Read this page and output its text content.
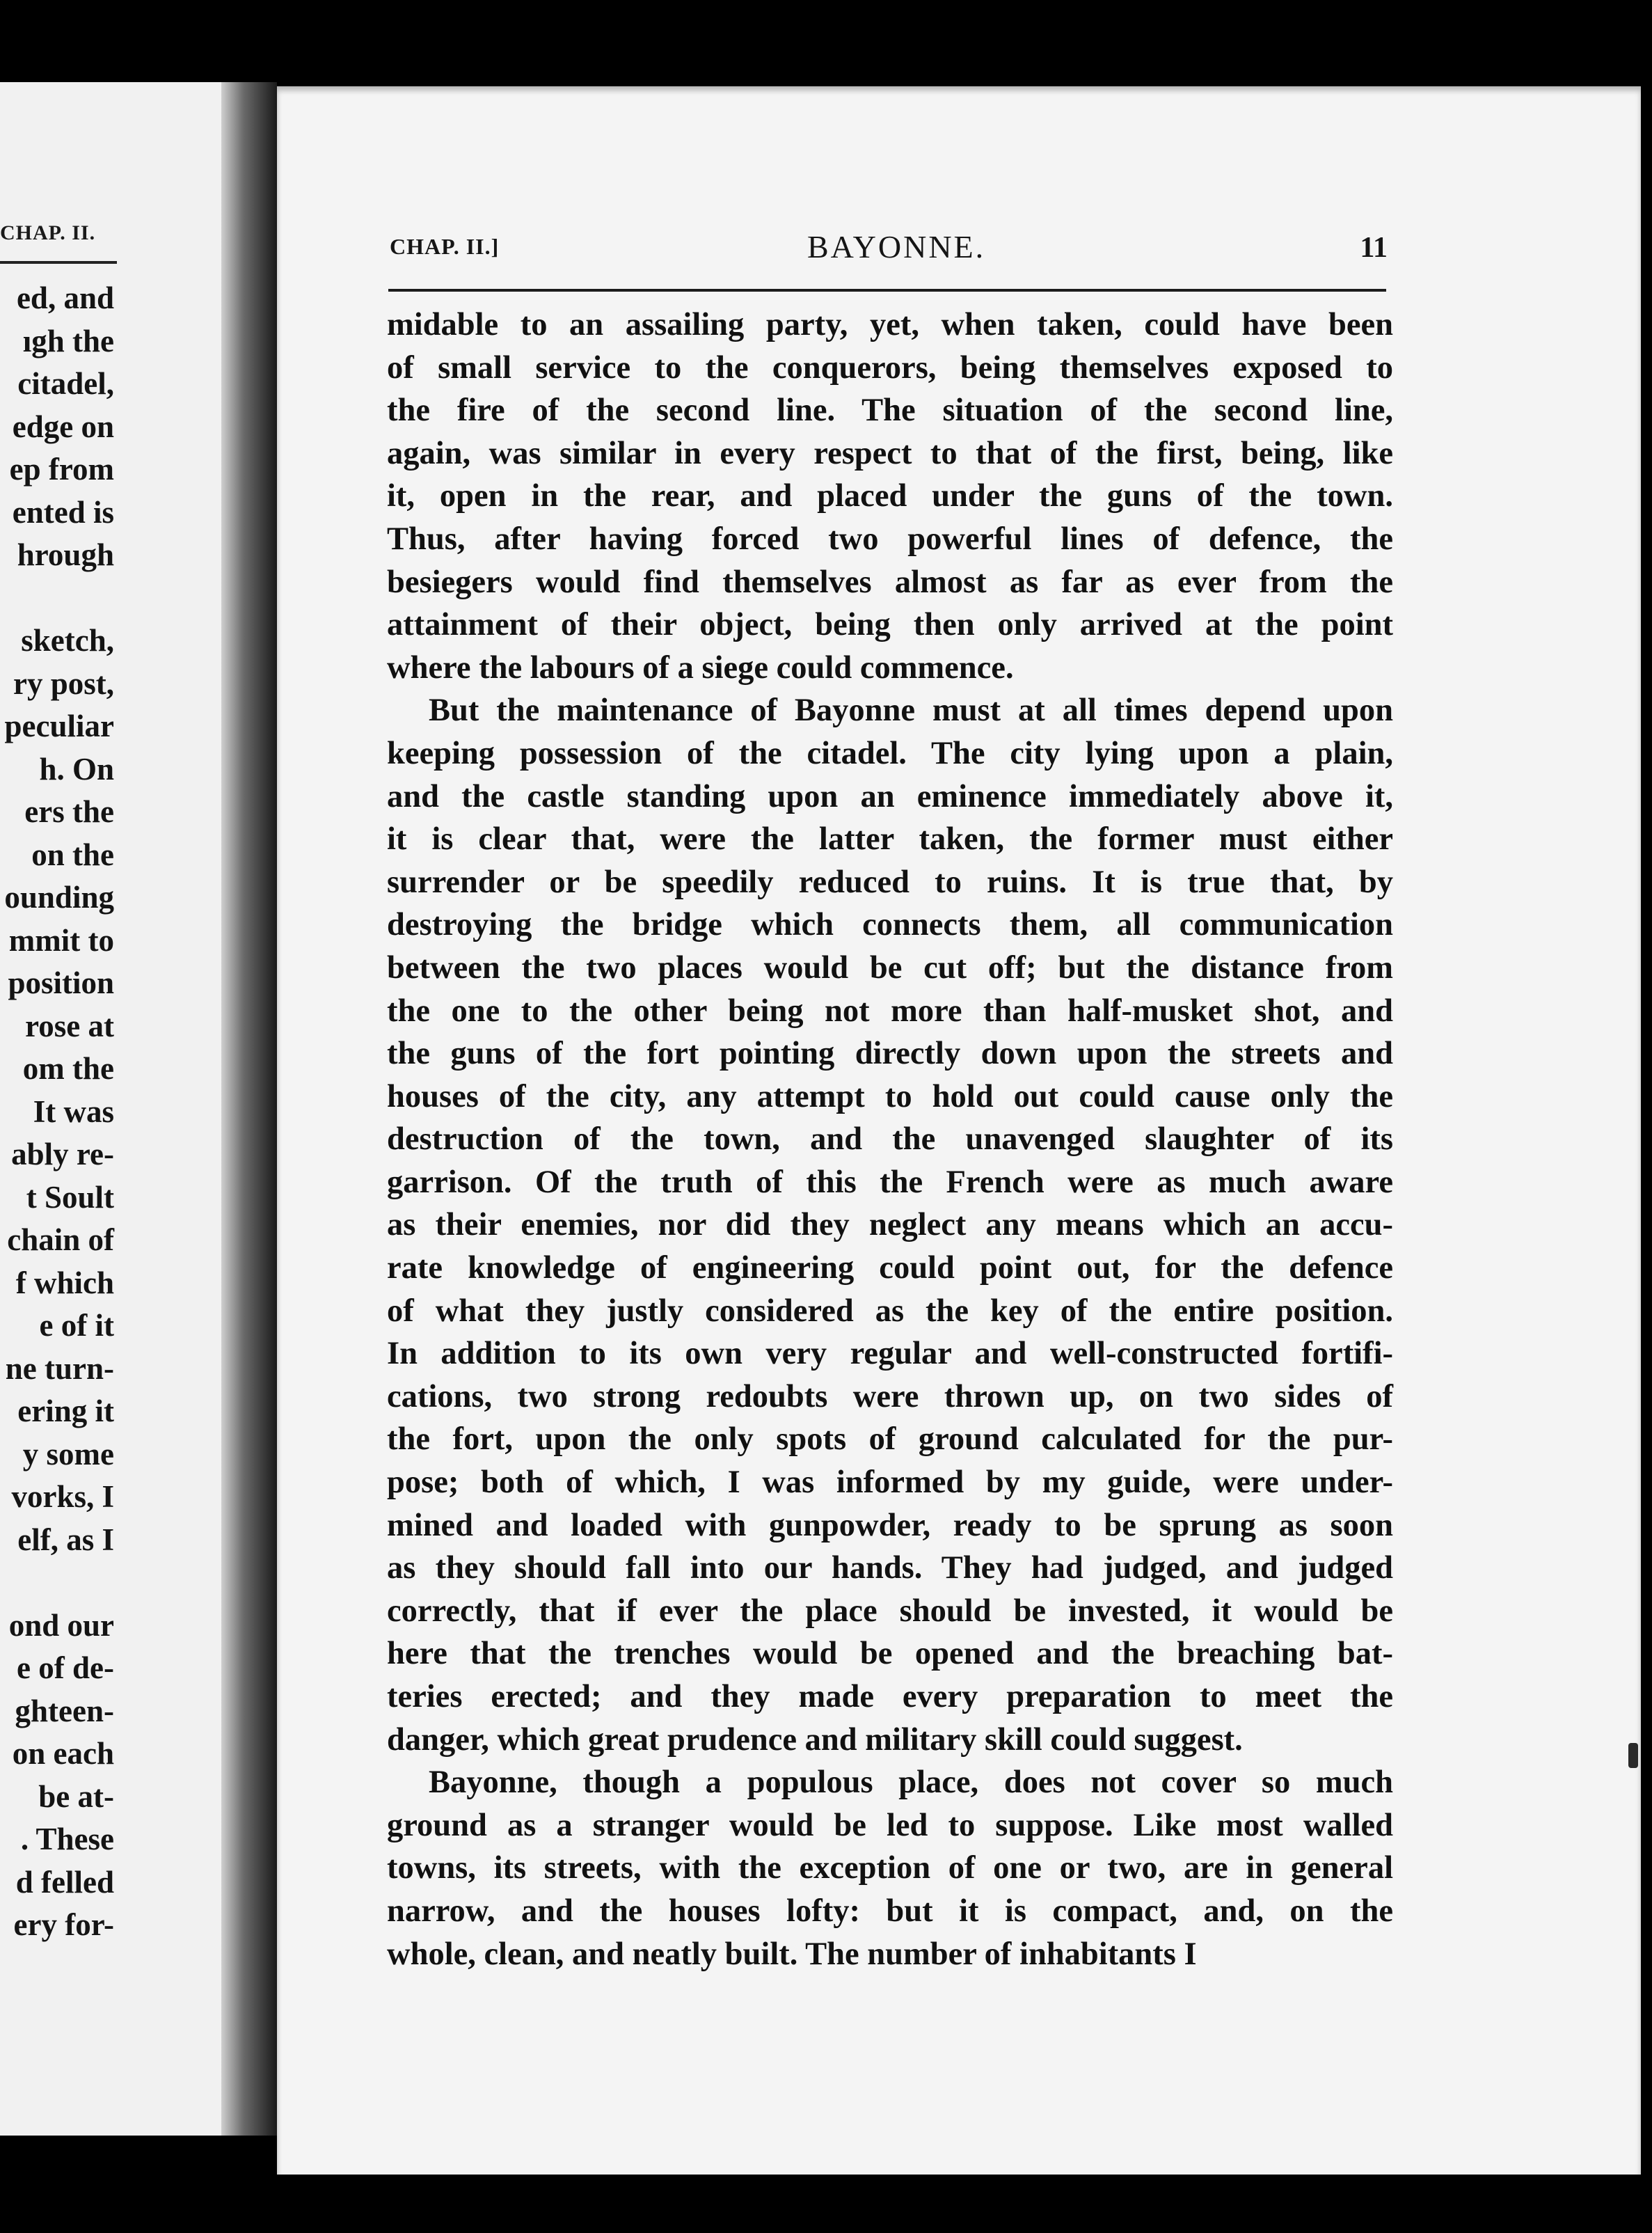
CHAP. II.
ed, and
ıgh the
citadel,
edge on
ep from
ented is
hrough
sketch,
ry post,
peculiar
h. On
ers the
on the
ounding
mmit to
position
rose at
om the
It was
ably re-
t Soult
chain of
f which
e of it
ne turn-
ering it
y some
vorks, I
elf, as I
ond our
e of de-
ghteen-
on each
be at-
. These
d felled
ery for-
CHAP. II.]	BAYONNE.	11
midable to an assailing party, yet, when taken, could have been
of small service to the conquerors, being themselves exposed to
the fire of the second line. The situation of the second line,
again, was similar in every respect to that of the first, being, like
it, open in the rear, and placed under the guns of the town.
Thus, after having forced two powerful lines of defence, the
besiegers would find themselves almost as far as ever from the
attainment of their object, being then only arrived at the point
where the labours of a siege could commence.
But the maintenance of Bayonne must at all times depend upon
keeping possession of the citadel. The city lying upon a plain,
and the castle standing upon an eminence immediately above it,
it is clear that, were the latter taken, the former must either
surrender or be speedily reduced to ruins. It is true that, by
destroying the bridge which connects them, all communication
between the two places would be cut off; but the distance from
the one to the other being not more than half-musket shot, and
the guns of the fort pointing directly down upon the streets and
houses of the city, any attempt to hold out could cause only the
destruction of the town, and the unavenged slaughter of its
garrison. Of the truth of this the French were as much aware
as their enemies, nor did they neglect any means which an accu-
rate knowledge of engineering could point out, for the defence
of what they justly considered as the key of the entire position.
In addition to its own very regular and well-constructed fortifi-
cations, two strong redoubts were thrown up, on two sides of
the fort, upon the only spots of ground calculated for the pur-
pose; both of which, I was informed by my guide, were under-
mined and loaded with gunpowder, ready to be sprung as soon
as they should fall into our hands. They had judged, and judged
correctly, that if ever the place should be invested, it would be
here that the trenches would be opened and the breaching bat-
teries erected; and they made every preparation to meet the
danger, which great prudence and military skill could suggest.
Bayonne, though a populous place, does not cover so much
ground as a stranger would be led to suppose. Like most walled
towns, its streets, with the exception of one or two, are in general
narrow, and the houses lofty: but it is compact, and, on the
whole, clean, and neatly built. The number of inhabitants I
